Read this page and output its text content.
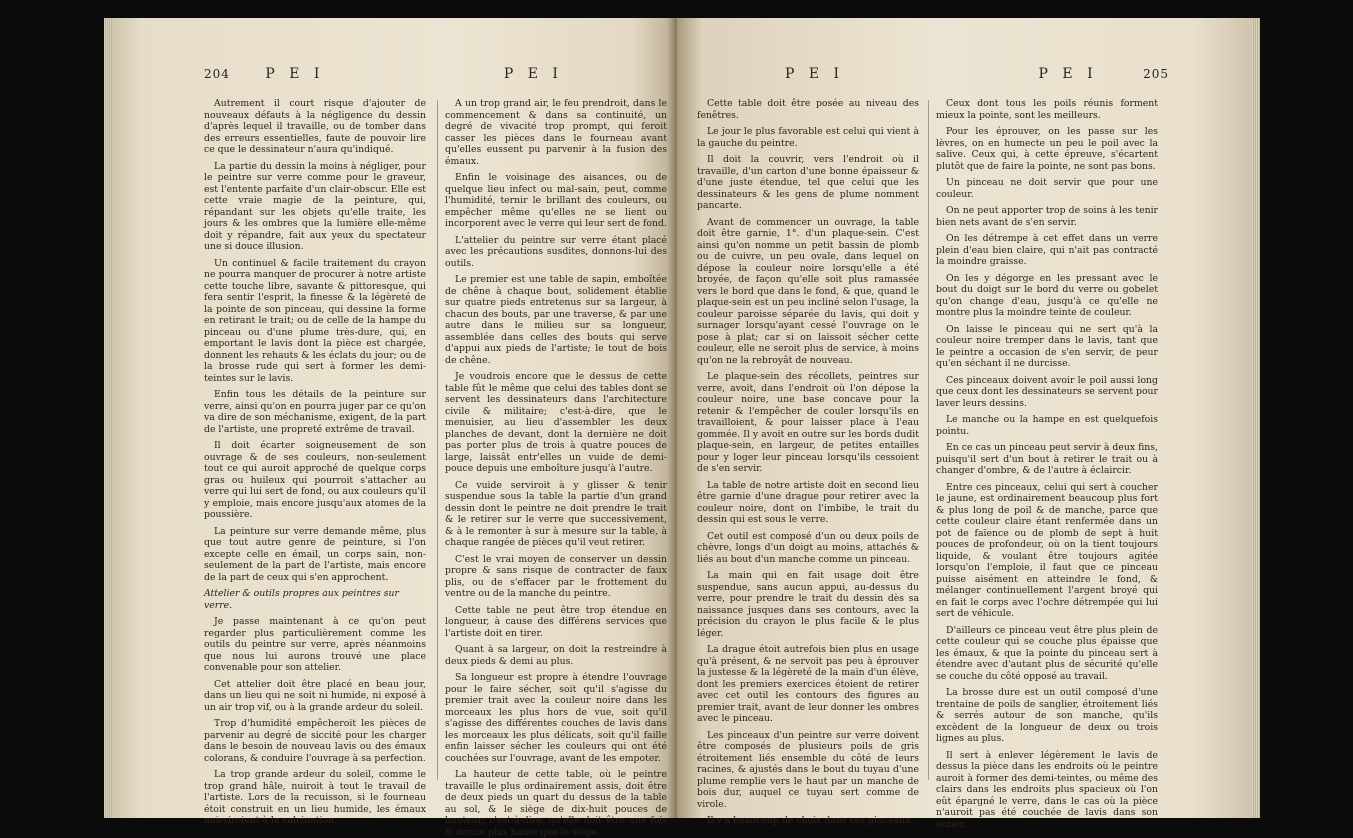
204	P E I	P E I

Autrement il court risque d'ajouter de nouveaux défauts à la négligence du dessin d'après lequel il travaille, ou de tomber dans des erreurs essentielles, faute de pouvoir lire ce que le dessinateur n'aura qu'indiqué.

La partie du dessin la moins à négliger, pour le peintre sur verre comme pour le graveur, est l'entente parfaite d'un clair-obscur. Elle est cette vraie magie de la peinture, qui, répandant sur les objets qu'elle traite, les jours & les ombres que la lumière elle-même doit y répandre, fait aux yeux du spectateur une si douce illusion.

Un continuel & facile traitement du crayon ne pourra manquer de procurer à notre artiste cette touche libre, savante & pittoresque, qui fera sentir l'esprit, la finesse & la légèreté de la pointe de son pinceau, qui dessine la forme en retirant le trait; ou de celle de la hampe du pinceau ou d'une plume très-dure, qui, en emportant le lavis dont la pièce est chargée, donnent les rehauts & les éclats du jour; ou de la brosse rude qui sert à former les demi-teintes sur le lavis.

Enfin tous les détails de la peinture sur verre, ainsi qu'on en pourra juger par ce qu'on va dire de son méchanisme, exigent, de la part de l'artiste, une propreté extrême de travail.

Il doit écarter soigneusement de son ouvrage & de ses couleurs, non-seulement tout ce qui auroit approché de quelque corps gras ou huileux qui pourroit s'attacher au verre qui lui sert de fond, ou aux couleurs qu'il y emploie, mais encore jusqu'aux atomes de la poussière.

La peinture sur verre demande même, plus que tout autre genre de peinture, si l'on excepte celle en émail, un corps sain, non-seulement de la part de l'artiste, mais encore de la part de ceux qui s'en approchent.

Attelier & outils propres aux peintres sur verre.

Je passe maintenant à ce qu'on peut regarder plus particulièrement comme les outils du peintre sur verre, après néanmoins que nous lui aurons trouvé une place convenable pour son attelier.

Cet attelier doit être placé en beau jour, dans un lieu qui ne soit ni humide, ni exposé à un air trop vif, ou à la grande ardeur du soleil.

Trop d'humidité empêcheroit les pièces de parvenir au degré de siccité pour les charger dans le besoin de nouveau lavis ou des émaux colorans, & conduire l'ouvrage à sa perfection.

La trop grande ardeur du soleil, comme le trop grand hâle, nuiroit à tout le travail de l'artiste. Lors de la recuisson, si le fourneau étoit construit en un lieu humide, les émaux noirciroient à la calcination.

A un trop grand air, le feu prendroit, dans le commencement & dans sa continuité, un degré de vivacité trop prompt, qui feroit casser les pièces dans le fourneau avant qu'elles eussent pu parvenir à la fusion des émaux.

Enfin le voisinage des aisances, ou de quelque lieu infect ou mal-sain, peut, comme l'humidité, ternir le brillant des couleurs, ou empêcher même qu'elles ne se lient ou incorporent avec le verre qui leur sert de fond.

L'attelier du peintre sur verre étant placé avec les précautions susdites, donnons-lui des outils.

Le premier est une table de sapin, emboîtée de chêne à chaque bout, solidement établie sur quatre pieds entretenus sur sa largeur, à chacun des bouts, par une traverse, & par une autre dans le milieu sur sa longueur, assemblée dans celles des bouts qui serve d'appui aux pieds de l'artiste; le tout de bois de chêne.

Je voudrois encore que le dessus de cette table fût le même que celui des tables dont se servent les dessinateurs dans l'architecture civile & militaire; c'est-à-dire, que le menuisier, au lieu d'assembler les deux planches de devant, dont la dernière ne doit pas porter plus de trois à quatre pouces de large, laissât entr'elles un vuide de demi-pouce depuis une emboîture jusqu'à l'autre.

Ce vuide serviroit à y glisser & tenir suspendue sous la table la partie d'un grand dessin dont le peintre ne doit prendre le trait & le retirer sur le verre que successivement, & à le remonter à sur à mesure sur la table, à chaque rangée de pièces qu'il veut retirer.

C'est le vrai moyen de conserver un dessin propre & sans risque de contracter de faux plis, ou de s'effacer par le frottement du ventre ou de la manche du peintre.

Cette table ne peut être trop étendue en longueur, à cause des différens services que l'artiste doit en tirer.

Quant à sa largeur, on doit la restreindre à deux pieds & demi au plus.

Sa longueur est propre à étendre l'ouvrage pour le faire sécher, soit qu'il s'agisse du premier trait avec la couleur noire dans les morceaux les plus hors de vue, soit qu'il s'agisse des différentes couches de lavis dans les morceaux les plus délicats, soit qu'il faille enfin laisser sécher les couleurs qui ont été couchées sur l'ouvrage, avant de les empoter.

La hauteur de cette table, où le peintre travaille le plus ordinairement assis, doit être de deux pieds un quart du dessus de la table au sol, & le siège de dix-huit pouces de hauteur; c'est-à-dire, qu'elle doit être une fois & demie plus haute que le siège.

P E I	P E I	205

Cette table doit être posée au niveau des fenêtres.

Le jour le plus favorable est celui qui vient à la gauche du peintre.

Il doit la couvrir, vers l'endroit où il travaille, d'un carton d'une bonne épaisseur & d'une juste étendue, tel que celui que les dessinateurs & les gens de plume nomment pancarte.

Avant de commencer un ouvrage, la table doit être garnie, 1°. d'un plaque-sein. C'est ainsi qu'on nomme un petit bassin de plomb ou de cuivre, un peu ovale, dans lequel on dépose la couleur noire lorsqu'elle a été broyée, de façon qu'elle soit plus ramassée vers le bord que dans le fond, & que, quand le plaque-sein est un peu incliné selon l'usage, la couleur paroisse séparée du lavis, qui doit y surnager lorsqu'ayant cessé l'ouvrage on le pose à plat; car si on laissoit sécher cette couleur, elle ne seroit plus de service, à moins qu'on ne la rebroyât de nouveau.

Le plaque-sein des récollets, peintres sur verre, avoit, dans l'endroit où l'on dépose la couleur noire, une base concave pour la retenir & l'empêcher de couler lorsqu'ils en travailloient, & pour laisser place à l'eau gommée. Il y avoit en outre sur les bords dudit plaque-sein, en largeur, de petites entailles pour y loger leur pinceau lorsqu'ils cessoient de s'en servir.

La table de notre artiste doit en second lieu être garnie d'une drague pour retirer avec la couleur noire, dont on l'imbibe, le trait du dessin qui est sous le verre.

Cet outil est composé d'un ou deux poils de chèvre, longs d'un doigt au moins, attachés & liés au bout d'un manche comme un pinceau.

La main qui en fait usage doit être suspendue, sans aucun appui, au-dessus du verre, pour prendre le trait du dessin dès sa naissance jusques dans ses contours, avec la précision du crayon le plus facile & le plus léger.

La drague étoit autrefois bien plus en usage qu'à présent, & ne servoit pas peu à éprouver la justesse & la légèreté de la main d'un élève, dont les premiers exercices étoient de retirer avec cet outil les contours des figures au premier trait, avant de leur donner les ombres avec le pinceau.

Les pinceaux d'un peintre sur verre doivent être composés de plusieurs poils de gris étroitement liés ensemble du côté de leurs racines, & ajustés dans le bout du tuyau d'une plume remplie vers le haut par un manche de bois dur, auquel ce tuyau sert comme de virole.

Il y a beaucoup de choix dans ces pinceaux.

Ceux dont tous les poils réunis forment mieux la pointe, sont les meilleurs.

Pour les éprouver, on les passe sur les lèvres, on en humecte un peu le poil avec la salive. Ceux qui, à cette épreuve, s'écartent plutôt que de faire la pointe, ne sont pas bons.

Un pinceau ne doit servir que pour une couleur.

On ne peut apporter trop de soins à les tenir bien nets avant de s'en servir.

On les détrempe à cet effet dans un verre plein d'eau bien claire, qui n'ait pas contracté la moindre graisse.

On les y dégorge en les pressant avec le bout du doigt sur le bord du verre ou gobelet qu'on change d'eau, jusqu'à ce qu'elle ne montre plus la moindre teinte de couleur.

On laisse le pinceau qui ne sert qu'à la couleur noire tremper dans le lavis, tant que le peintre a occasion de s'en servir, de peur qu'en séchant il ne durcisse.

Ces pinceaux doivent avoir le poil aussi long que ceux dont les dessinateurs se servent pour laver leurs dessins.

Le manche ou la hampe en est quelquefois pointu.

En ce cas un pinceau peut servir à deux fins, puisqu'il sert d'un bout à retirer le trait ou à changer d'ombre, & de l'autre à éclaircir.

Entre ces pinceaux, celui qui sert à coucher le jaune, est ordinairement beaucoup plus fort & plus long de poil & de manche, parce que cette couleur claire étant renfermée dans un pot de faïence ou de plomb de sept à huit pouces de profondeur, où on la tient toujours liquide, & voulant être toujours agitée lorsqu'on l'emploie, il faut que ce pinceau puisse aisément en atteindre le fond, & mélanger continuellement l'argent broyé qui en fait le corps avec l'ochre détrempée qui lui sert de véhicule.

D'ailleurs ce pinceau veut être plus plein de cette couleur qui se couche plus épaisse que les émaux, & que la pointe du pinceau sert à étendre avec d'autant plus de sécurité qu'elle se couche du côté opposé au travail.

La brosse dure est un outil composé d'une trentaine de poils de sanglier, étroitement liés & serrés autour de son manche, qu'ils excèdent de la longueur de deux ou trois lignes au plus.

Il sert à enlever légèrement le lavis de dessus la pièce dans les endroits où le peintre auroit à former des demi-teintes, ou même des clairs dans les endroits plus spacieux où l'on eût épargné le verre, dans le cas où la pièce n'auroit pas été couchée de lavis dans son entier.
